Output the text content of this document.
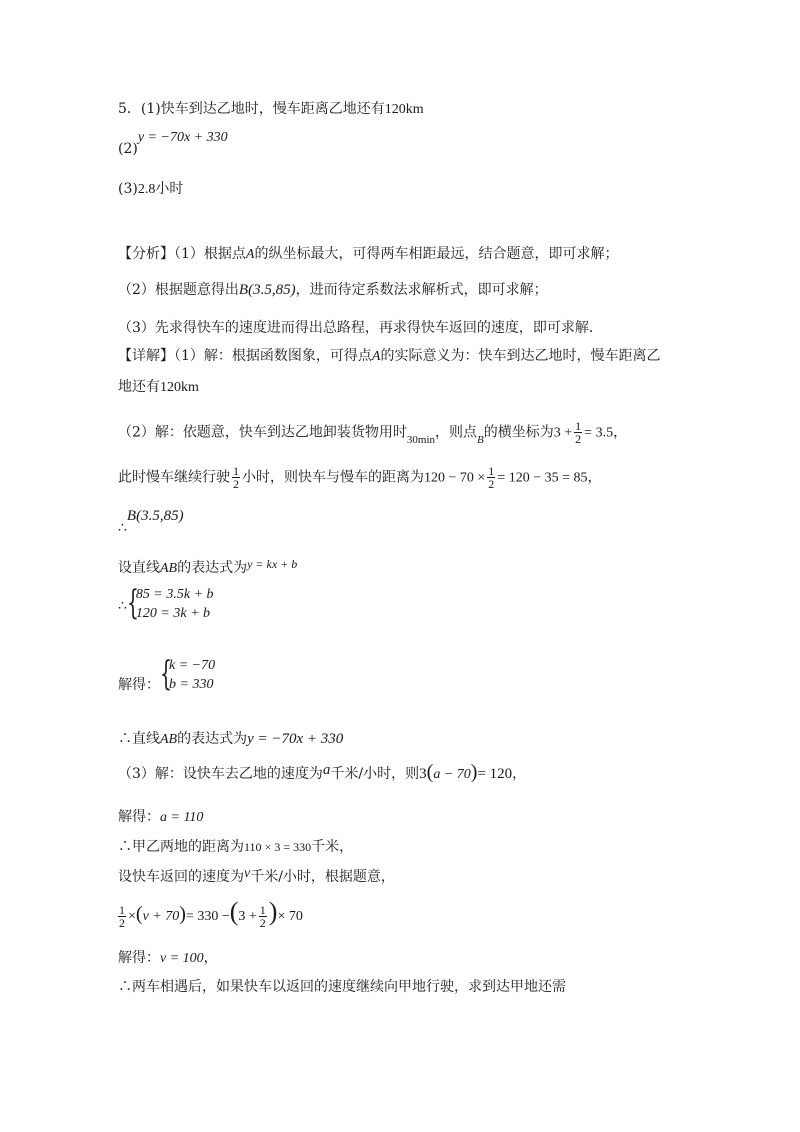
5．(1)快车到达乙地时，慢车距离乙地还有120km
(2)y = −70x + 330
(3)2.8小时
【分析】（1）根据点A的纵坐标最大，可得两车相距最远，结合题意，即可求解；
（2）根据题意得出B(3.5,85)，进而待定系数法求解析式，即可求解；
（3）先求得快车的速度进而得出总路程，再求得快车返回的速度，即可求解．
【详解】（1）解：根据函数图象，可得点A的实际意义为：快车到达乙地时，慢车距离乙
地还有120km
（2）解：依题意，快车到达乙地卸装货物用时$_{30min}$，则点$_B$的横坐标为$3 + \frac{1}{2} = 3.5$，
此时慢车继续行驶 $\frac{1}{2}$ 小时，则快车与慢车的距离为$120 - 70 \times \frac{1}{2} = 120 - 35 = 85$，
∴B(3.5,85)
设直线AB的表达式为y = kx + b
∴ {
85 = 3.5k + b
120 = 3k + b
解得： {
k = −70
b = 330
∴直线AB的表达式为y = −70x + 330
（3）解：设快车去乙地的速度为a千米/小时，则3(a − 70)= 120，
解得：a = 110
∴甲乙两地的距离为110 × 3 = 330千米，
设快车返回的速度为v千米/小时，根据题意，
$\frac{1}{2} \times(v + 70)= 330 -(3 + \frac{1}{2}$ )× 70
解得：v = 100，
∴两车相遇后，如果快车以返回的速度继续向甲地行驶，求到达甲地还需
